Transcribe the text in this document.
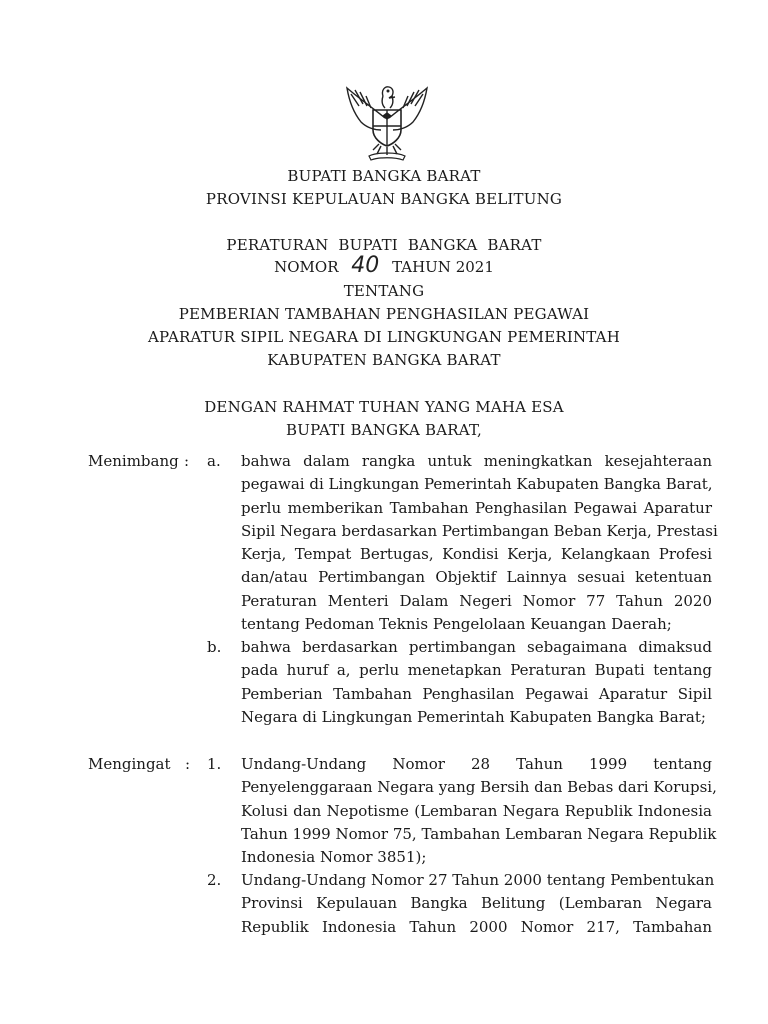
BUPATI BANGKA BARAT
PROVINSI KEPULAUAN BANGKA BELITUNG
PERATURAN  BUPATI  BANGKA  BARAT
NOMOR 40 TAHUN 2021
TENTANG
PEMBERIAN TAMBAHAN PENGHASILAN PEGAWAI
APARATUR SIPIL NEGARA DI LINGKUNGAN PEMERINTAH
KABUPATEN BANGKA BARAT
DENGAN RAHMAT TUHAN YANG MAHA ESA
BUPATI BANGKA BARAT,
Menimbang : a. bahwa dalam rangka untuk meningkatkan kesejahteraan
pegawai di Lingkungan Pemerintah Kabupaten Bangka Barat,
perlu memberikan Tambahan Penghasilan Pegawai Aparatur
Sipil Negara berdasarkan Pertimbangan Beban Kerja, Prestasi
Kerja, Tempat Bertugas, Kondisi Kerja, Kelangkaan Profesi
dan/atau Pertimbangan Objektif Lainnya sesuai ketentuan
Peraturan Menteri Dalam Negeri Nomor 77 Tahun 2020
tentang Pedoman Teknis Pengelolaan Keuangan Daerah;
b. bahwa berdasarkan pertimbangan sebagaimana dimaksud
pada huruf a, perlu menetapkan Peraturan Bupati tentang
Pemberian Tambahan Penghasilan Pegawai Aparatur Sipil
Negara di Lingkungan Pemerintah Kabupaten Bangka Barat;
Mengingat : 1. Undang-Undang Nomor 28 Tahun 1999 tentang
Penyelenggaraan Negara yang Bersih dan Bebas dari Korupsi,
Kolusi dan Nepotisme (Lembaran Negara Republik Indonesia
Tahun 1999 Nomor 75, Tambahan Lembaran Negara Republik
Indonesia Nomor 3851);
2. Undang-Undang Nomor 27 Tahun 2000 tentang Pembentukan
Provinsi Kepulauan Bangka Belitung (Lembaran Negara
Republik Indonesia Tahun 2000 Nomor 217, Tambahan
